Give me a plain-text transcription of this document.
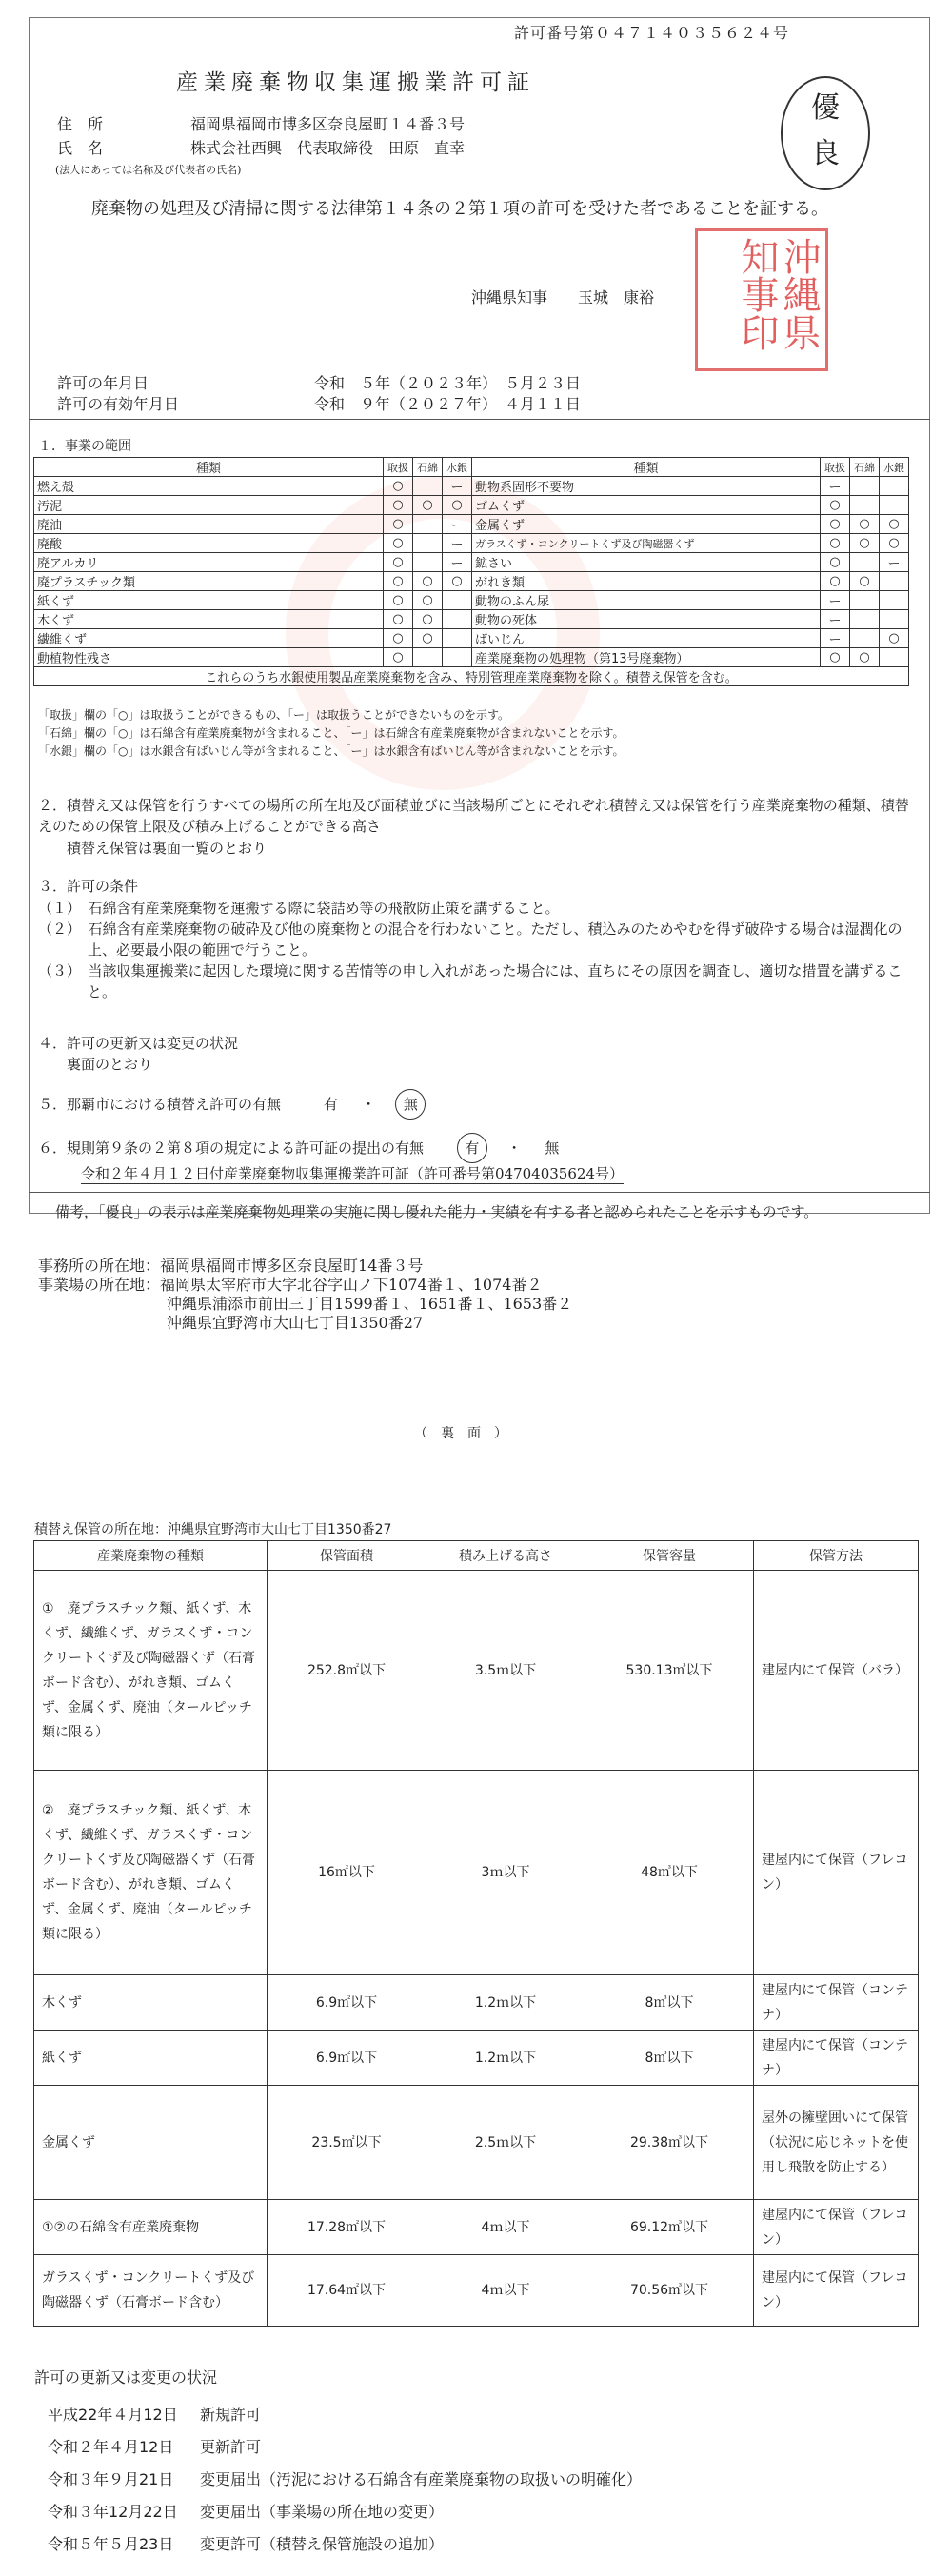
許可番号第０４７１４０３５６２４号
産業廃棄物収集運搬業許可証
住　所	福岡県福岡市博多区奈良屋町１４番３号
氏　名	株式会社西興　代表取締役　田原　直幸
(法人にあっては名称及び代表者の氏名)
優
良
廃棄物の処理及び清掃に関する法律第１４条の２第１項の許可を受けた者であることを証する。
沖縄県知事　　玉城　康裕	沖縄県知事印
許可の年月日	令和　５年（２０２３年）　５月２３日
許可の有効年月日	令和　９年（２０２７年）　４月１１日
１．事業の範囲
種類	取扱	石綿	水銀	種類	取扱	石綿	水銀
燃え殻	○		ー	動物系固形不要物	ー		
汚泥	○	○	○	ゴムくず	○		
廃油	○		ー	金属くず	○	○	○
廃酸	○		ー	ガラスくず・コンクリートくず及び陶磁器くず	○	○	○
廃アルカリ	○		ー	鉱さい	○		ー
廃プラスチック類	○	○	○	がれき類	○	○	
紙くず	○	○		動物のふん尿	ー		
木くず	○	○		動物の死体	ー		
繊維くず	○	○		ばいじん	ー		○
動植物性残さ	○			産業廃棄物の処理物（第13号廃棄物）	○	○	
これらのうち水銀使用製品産業廃棄物を含み、特別管理産業廃棄物を除く。積替え保管を含む。							
「取扱」欄の「○」は取扱うことができるもの、「ー」は取扱うことができないものを示す。
「石綿」欄の「○」は石綿含有産業廃棄物が含まれること、「ー」は石綿含有産業廃棄物が含まれないことを示す。
「水銀」欄の「○」は水銀含有ばいじん等が含まれること、「ー」は水銀含有ばいじん等が含まれないことを示す。
２．積替え又は保管を行うすべての場所の所在地及び面積並びに当該場所ごとにそれぞれ積替え又は保管を行う産業廃棄物の種類、積替えのための保管上限及び積み上げることができる高さ
積替え保管は裏面一覧のとおり
３．許可の条件
（１）　石綿含有産業廃棄物を運搬する際に袋詰め等の飛散防止策を講ずること。
（２）　石綿含有産業廃棄物の破砕及び他の廃棄物との混合を行わないこと。ただし、積込みのためやむを得ず破砕する場合は湿潤化の上、必要最小限の範囲で行うこと。
（３）　当該収集運搬業に起因した環境に関する苦情等の申し入れがあった場合には、直ちにその原因を調査し、適切な措置を講ずること。
４．許可の更新又は変更の状況
裏面のとおり
５．那覇市における積替え許可の有無	有 ・ 無
６．規則第９条の２第８項の規定による許可証の提出の有無	有 ・ 無
令和２年４月１２日付産業廃棄物収集運搬業許可証（許可番号第04704035624号）
備考，「優良」の表示は産業廃棄物処理業の実施に関し優れた能力・実績を有する者と認められたことを示すものです。
事務所の所在地：福岡県福岡市博多区奈良屋町14番３号
事業場の所在地：福岡県太宰府市大字北谷字山ノ下1074番１、1074番２
沖縄県浦添市前田三丁目1599番１、1651番１、1653番２
沖縄県宜野湾市大山七丁目1350番27
（　裏　面　）
積替え保管の所在地：沖縄県宜野湾市大山七丁目1350番27
産業廃棄物の種類	保管面積	積み上げる高さ	保管容量	保管方法
①　廃プラスチック類、紙くず、木くず、繊維くず、ガラスくず・コンクリートくず及び陶磁器くず（石膏ボード含む）、がれき類、ゴムくず、金属くず、廃油（タールピッチ類に限る）	252.8㎡以下	3.5ｍ以下	530.13㎥以下	建屋内にて保管（バラ）
②　廃プラスチック類、紙くず、木くず、繊維くず、ガラスくず・コンクリートくず及び陶磁器くず（石膏ボード含む）、がれき類、ゴムくず、金属くず、廃油（タールピッチ類に限る）	16㎡以下	3ｍ以下	48㎥以下	建屋内にて保管（フレコン）
木くず	6.9㎡以下	1.2ｍ以下	8㎥以下	建屋内にて保管（コンテナ）
紙くず	6.9㎡以下	1.2ｍ以下	8㎥以下	建屋内にて保管（コンテナ）
金属くず	23.5㎡以下	2.5ｍ以下	29.38㎥以下	屋外の擁壁囲いにて保管（状況に応じネットを使用し飛散を防止する）
①②の石綿含有産業廃棄物	17.28㎡以下	4ｍ以下	69.12㎥以下	建屋内にて保管（フレコン）
ガラスくず・コンクリートくず及び陶磁器くず（石膏ボード含む）	17.64㎡以下	4ｍ以下	70.56㎥以下	建屋内にて保管（フレコン）
許可の更新又は変更の状況
平成22年４月12日 新規許可
令和２年４月12日 更新許可
令和３年９月21日 変更届出（汚泥における石綿含有産業廃棄物の取扱いの明確化）
令和３年12月22日 変更届出（事業場の所在地の変更）
令和５年５月23日 変更許可（積替え保管施設の追加）
